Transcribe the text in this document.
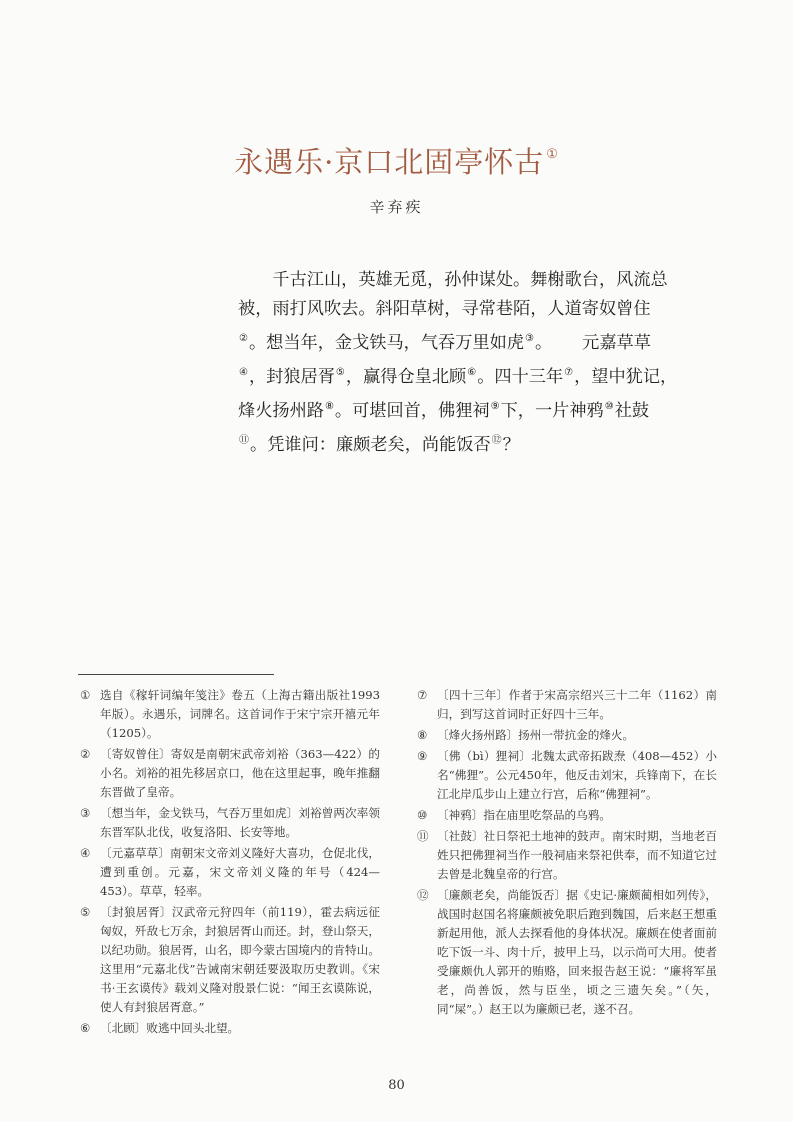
永遇乐·京口北固亭怀古 ①
辛弃疾

千古江山，英雄无觅，孙仲谋处。舞榭歌台，风流总被，雨打风吹去。斜阳草树，寻常巷陌，人道寄奴曾住②。想当年，金戈铁马，气吞万里如虎③。 元嘉草草④，封狼居胥⑤，赢得仓皇北顾⑥。四十三年⑦，望中犹记，烽火扬州路⑧。可堪回首，佛狸祠⑨下，一片神鸦⑩社鼓⑪。凭谁问：廉颇老矣，尚能饭否⑫？

① 选自《稼轩词编年笺注》卷五（上海古籍出版社1993年版）。永遇乐，词牌名。这首词作于宋宁宗开禧元年（1205）。
② 〔寄奴曾住〕寄奴是南朝宋武帝刘裕（363—422）的小名。刘裕的祖先移居京口，他在这里起事，晚年推翻东晋做了皇帝。
③ 〔想当年，金戈铁马，气吞万里如虎〕刘裕曾两次率领东晋军队北伐，收复洛阳、长安等地。
④ 〔元嘉草草〕南朝宋文帝刘义隆好大喜功，仓促北伐，遭到重创。元嘉，宋文帝刘义隆的年号（424—453）。草草，轻率。
⑤ 〔封狼居胥〕汉武帝元狩四年（前119），霍去病远征匈奴，歼敌七万余，封狼居胥山而还。封，登山祭天，以纪功勋。狼居胥，山名，即今蒙古国境内的肯特山。这里用“元嘉北伐”告诫南宋朝廷要汲取历史教训。《宋书·王玄谟传》载刘义隆对殷景仁说：“闻王玄谟陈说，使人有封狼居胥意。”
⑥ 〔北顾〕败逃中回头北望。
⑦ 〔四十三年〕作者于宋高宗绍兴三十二年（1162）南归，到写这首词时正好四十三年。
⑧ 〔烽火扬州路〕扬州一带抗金的烽火。
⑨ 〔佛（bì）狸祠〕北魏太武帝拓跋焘（408—452）小名“佛狸”。公元450年，他反击刘宋，兵锋南下，在长江北岸瓜步山上建立行宫，后称“佛狸祠”。
⑩ 〔神鸦〕指在庙里吃祭品的乌鸦。
⑪ 〔社鼓〕社日祭祀土地神的鼓声。南宋时期，当地老百姓只把佛狸祠当作一般祠庙来祭祀供奉，而不知道它过去曾是北魏皇帝的行宫。
⑫ 〔廉颇老矣，尚能饭否〕据《史记·廉颇蔺相如列传》，战国时赵国名将廉颇被免职后跑到魏国，后来赵王想重新起用他，派人去探看他的身体状况。廉颇在使者面前吃下饭一斗、肉十斤，披甲上马，以示尚可大用。使者受廉颇仇人郭开的贿赂，回来报告赵王说：“廉将军虽老，尚善饭，然与臣坐，顷之三遗矢矣。”（矢，同“屎”。）赵王以为廉颇已老，遂不召。
80
